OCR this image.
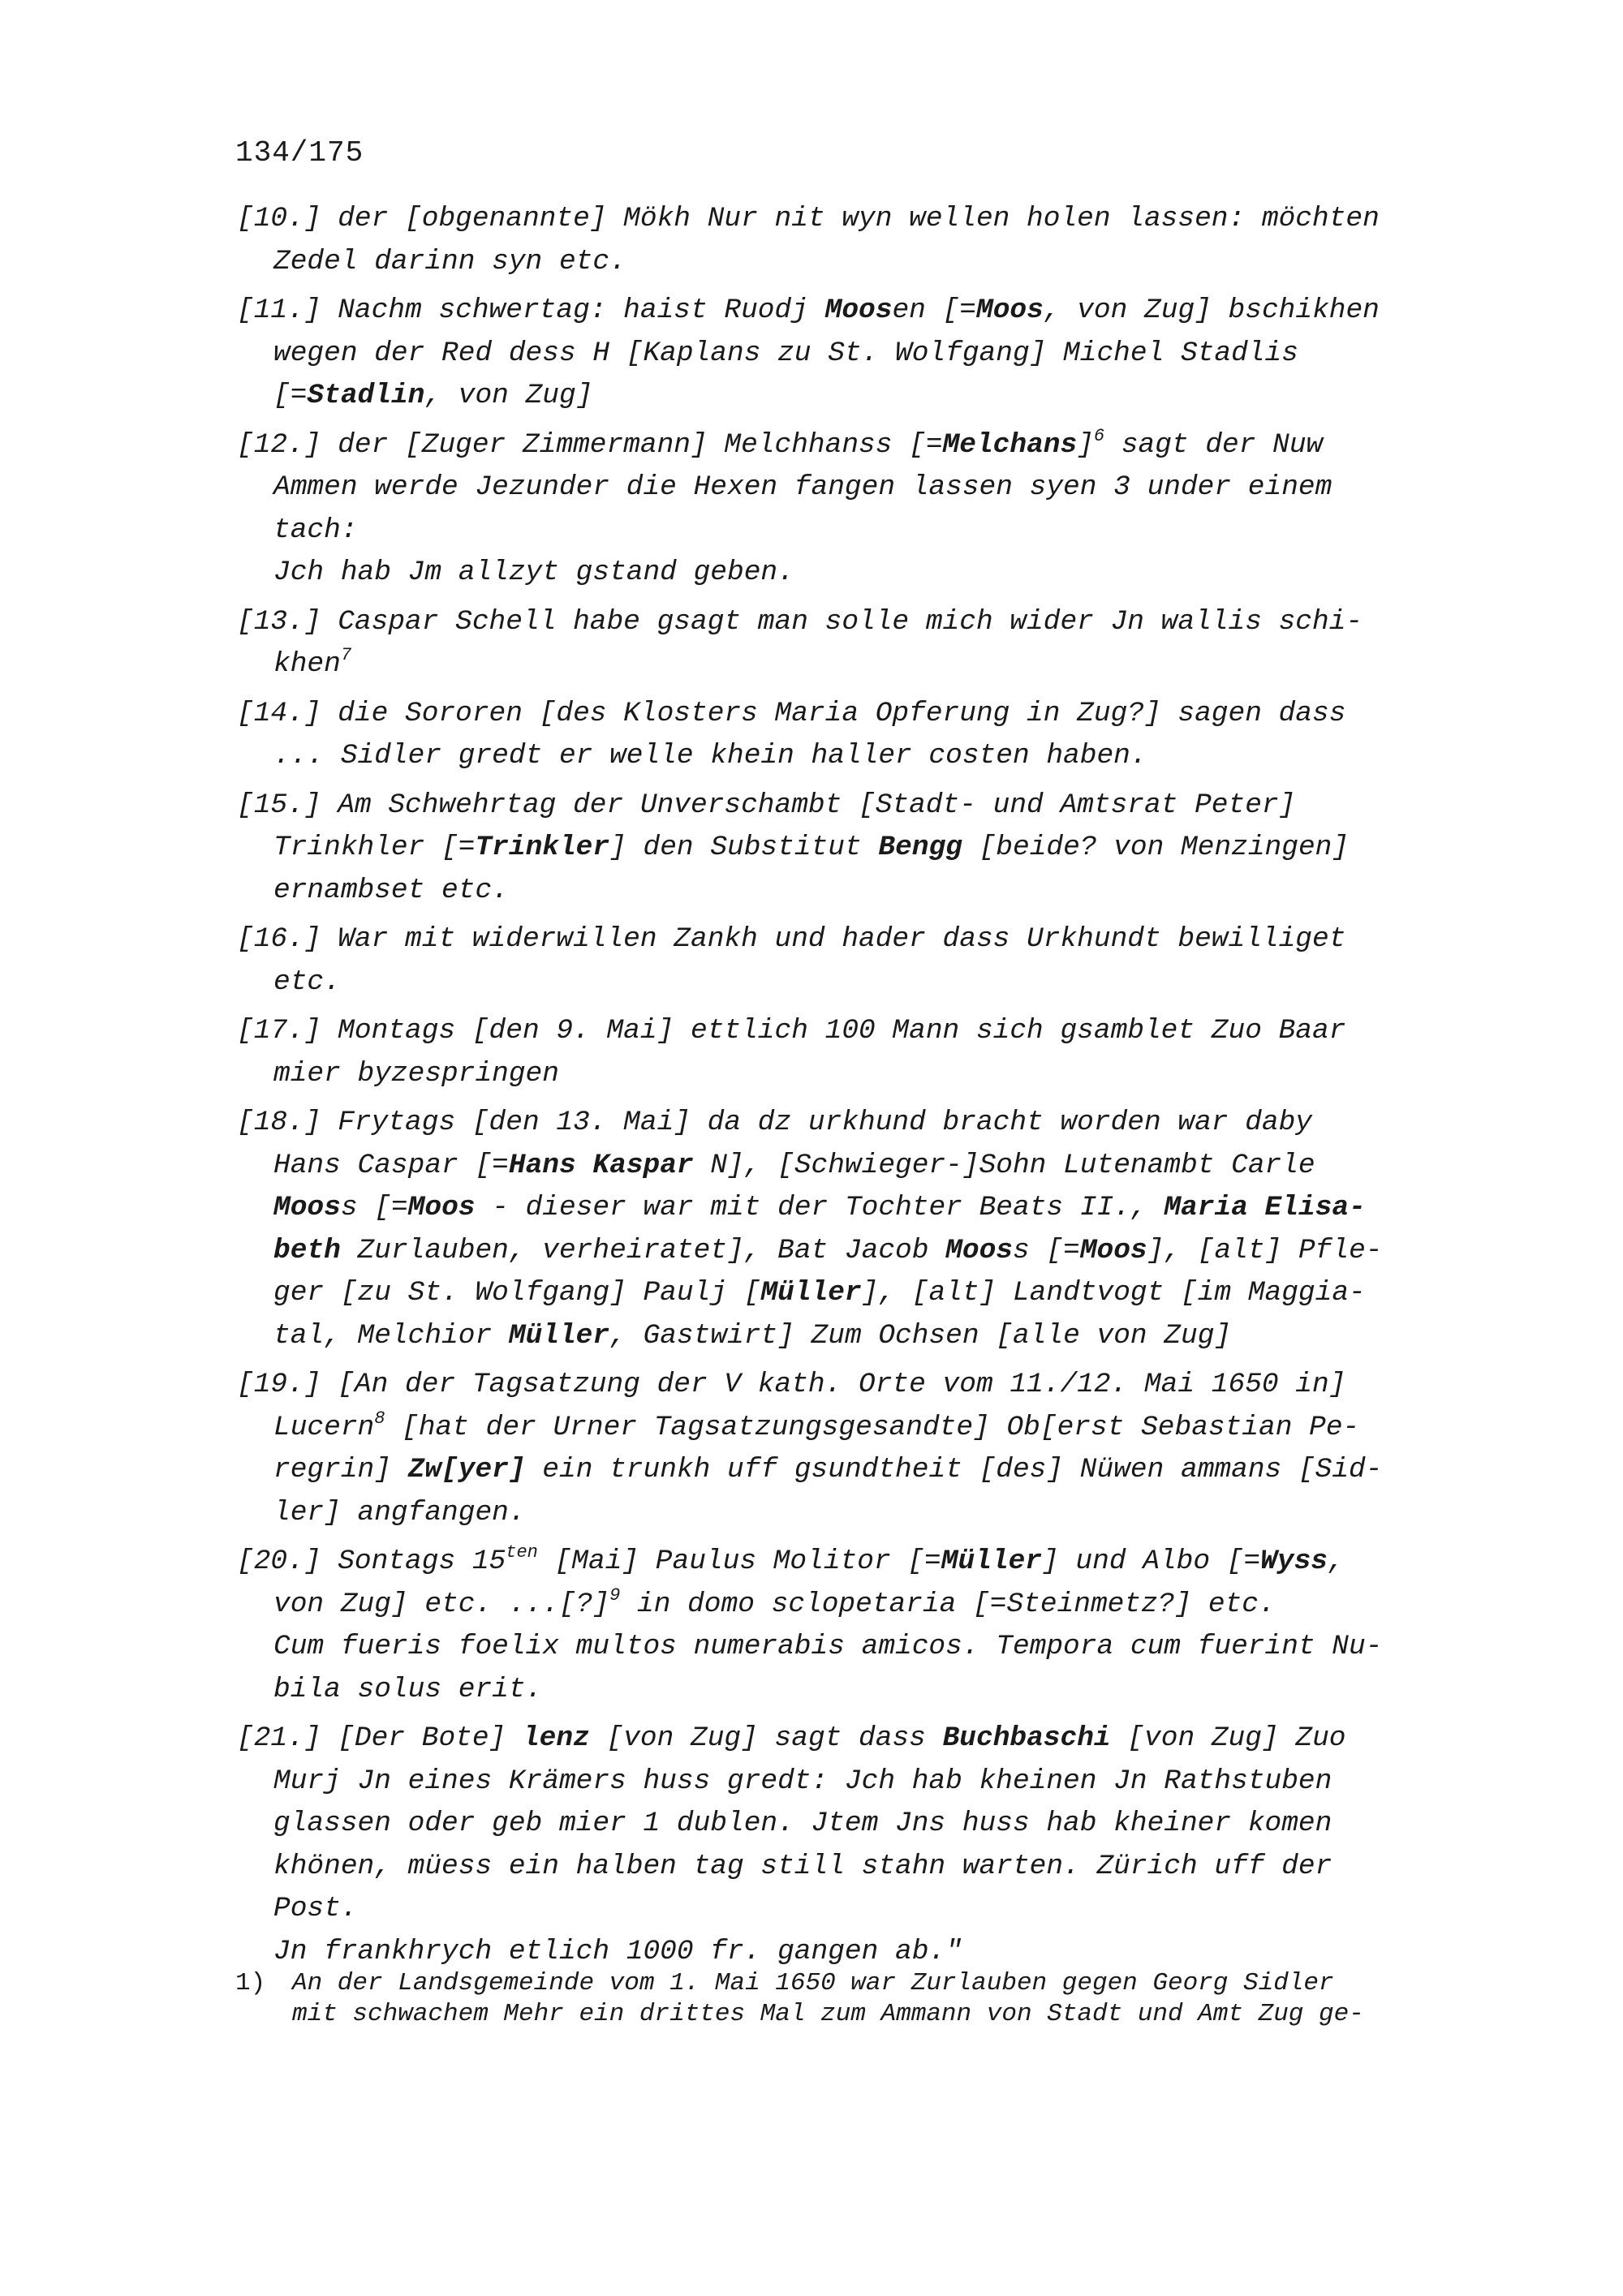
134/175
[10.] der [obgenannte] Mökh Nur nit wyn wellen holen lassen: möchten
Zedel darinn syn etc.
[11.] Nachm schwertag: haist Ruodj Moosen [=Moos, von Zug] bschikhen
wegen der Red dess H [Kaplans zu St. Wolfgang] Michel Stadlis
[=Stadlin, von Zug]
[12.] der [Zuger Zimmermann] Melchhanss [=Melchans]$^6$ sagt der Nuw
Ammen werde Jezunder die Hexen fangen lassen syen 3 under einem
tach:
Jch hab Jm allzyt gstand geben.
[13.] Caspar Schell habe gsagt man solle mich wider Jn wallis schi-
khen$^7$
[14.] die Sororen [des Klosters Maria Opferung in Zug?] sagen dass
... Sidler gredt er welle khein haller costen haben.
[15.] Am Schwehrtag der Unverschambt [Stadt- und Amtsrat Peter]
Trinkhler [=Trinkler] den Substitut Bengg [beide? von Menzingen]
ernambset etc.
[16.] War mit widerwillen Zankh und hader dass Urkhundt bewilliget
etc.
[17.] Montags [den 9. Mai] ettlich 100 Mann sich gsamblet Zuo Baar
mier byzespringen
[18.] Frytags [den 13. Mai] da dz urkhund bracht worden war daby
Hans Caspar [=Hans Kaspar N], [Schwieger-]Sohn Lutenambt Carle
Mooss [=Moos - dieser war mit der Tochter Beats II., Maria Elisa-
beth Zurlauben, verheiratet], Bat Jacob Mooss [=Moos], [alt] Pfle-
ger [zu St. Wolfgang] Paulj [Müller], [alt] Landtvogt [im Maggia-
tal, Melchior Müller, Gastwirt] Zum Ochsen [alle von Zug]
[19.] [An der Tagsatzung der V kath. Orte vom 11./12. Mai 1650 in]
Lucern$^8$ [hat der Urner Tagsatzungsgesandte] Ob[erst Sebastian Pe-
regrin] Zw[yer] ein trunkh uff gsundtheit [des] Nüwen ammans [Sid-
ler] angfangen.
[20.] Sontags $15^{ten}$ [Mai] Paulus Molitor [=Müller] und Albo [=Wyss,
von Zug] etc. ...[?]$^9$ in domo sclopetaria [=Steinmetz?] etc.
Cum fueris foelix multos numerabis amicos. Tempora cum fuerint Nu-
bila solus erit.
[21.] [Der Bote] lenz [von Zug] sagt dass Buchbaschi [von Zug] Zuo
Murj Jn eines Krämers huss gredt: Jch hab kheinen Jn Rathstuben
glassen oder geb mier 1 dublen. Jtem Jns huss hab kheiner komen
khönen, müess ein halben tag still stahn warten. Zürich uff der
Post.
Jn frankhrych etlich 1000 fr. gangen ab."
1) An der Landsgemeinde vom 1. Mai 1650 war Zurlauben gegen Georg Sidler
mit schwachem Mehr ein drittes Mal zum Ammann von Stadt und Amt Zug ge-
